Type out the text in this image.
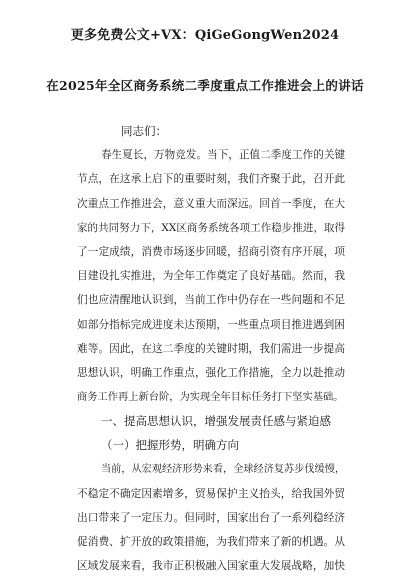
更多免费公文+VX：QiGeGongWen2024
在2025年全区商务系统二季度重点工作推进会上的讲话
同志们：
春生夏长，万物竞发。当下，正值二季度工作的关键
节点，在这承上启下的重要时刻，我们齐聚于此，召开此
次重点工作推进会，意义重大而深远。回首一季度，在大
家的共同努力下，XX区商务系统各项工作稳步推进，取得
了一定成绩，消费市场逐步回暖，招商引资有序开展，项
目建设扎实推进，为全年工作奠定了良好基础。然而，我
们也应清醒地认识到，当前工作中仍存在一些问题和不足
如部分指标完成进度未达预期，一些重点项目推进遇到困
难等。因此，在这二季度的关键时期，我们需进一步提高
思想认识，明确工作重点，强化工作措施，全力以赴推动
商务工作再上新台阶，为实现全年目标任务打下坚实基础。
一、提高思想认识，增强发展责任感与紧迫感
（一）把握形势，明确方向
当前，从宏观经济形势来看，全球经济复苏步伐缓慢，
不稳定不确定因素增多，贸易保护主义抬头，给我国外贸
出口带来了一定压力。但同时，国家出台了一系列稳经济
促消费、扩开放的政策措施，为我们带来了新的机遇。从
区域发展来看，我市正积极融入国家重大发展战略，加快
